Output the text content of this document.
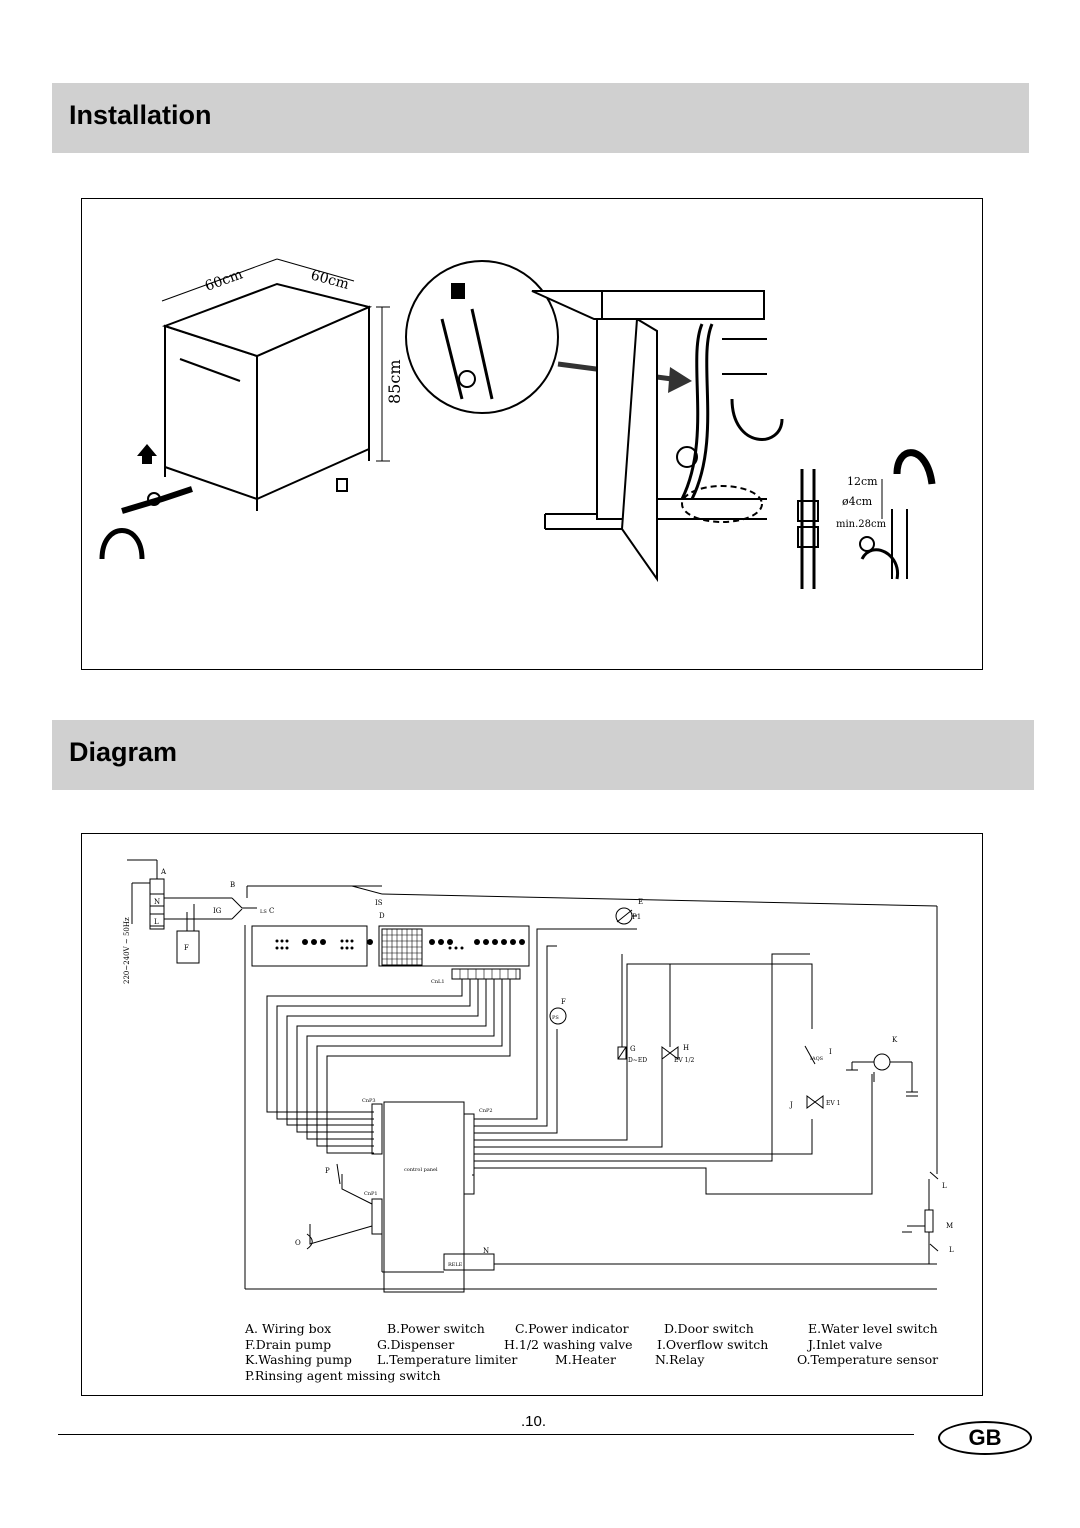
Installation
60cm	60cm
85cm
12cm
ø4cm
min.28cm
Diagram
A
B
C
D
E
F
F
G	H	I
J
K
L
L
M
N
L
N
O
P
IG
IS
LS
220~240V ~ 50Hz	CnL1
CnP3
CnP2
CnP1
control panel
RELE
P1
PS
D~ED	EV 1/2
EV 1
IAQS
A. Wiring box	B.Power switch C.Power indicator	D.Door switch	E.Water level switch
F.Drain pump	G.Dispenser	H.1/2 washing valve I.Overflow switch	J.Inlet valve
K.Washing pump L.Temperature limiter	M.Heater	N.Relay	O.Temperature sensor
P.Rinsing agent missing switch
.10.
GB
